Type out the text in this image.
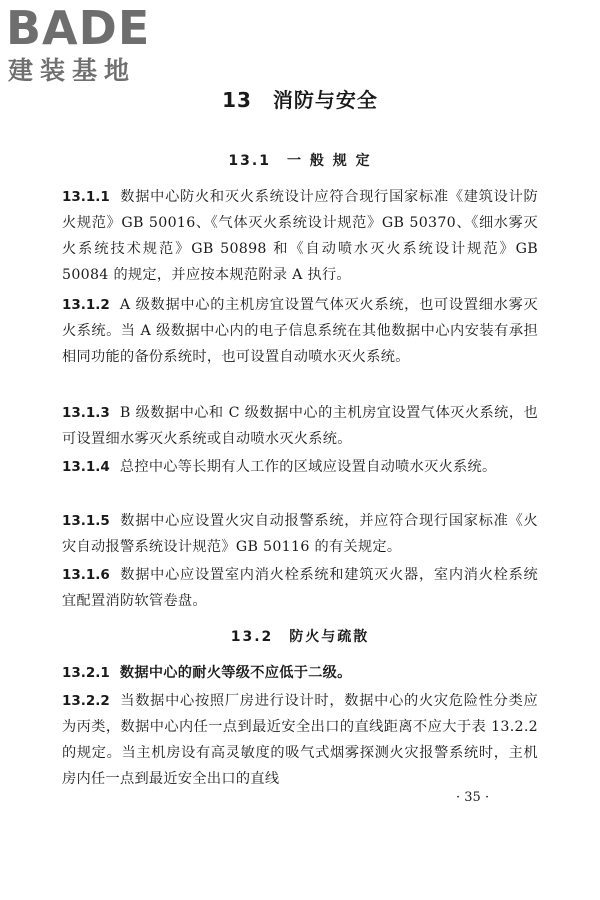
BADE
建装基地
13　消防与安全
13.1　一 般 规 定
13.1.1 数据中心防火和灭火系统设计应符合现行国家标准《建筑设计防火规范》GB 50016、《气体灭火系统设计规范》GB 50370、《细水雾灭火系统技术规范》GB 50898 和《自动喷水灭火系统设计规范》GB 50084 的规定，并应按本规范附录 A 执行。
13.1.2 A 级数据中心的主机房宜设置气体灭火系统，也可设置细水雾灭火系统。当 A 级数据中心内的电子信息系统在其他数据中心内安装有承担相同功能的备份系统时，也可设置自动喷水灭火系统。
13.1.3 B 级数据中心和 C 级数据中心的主机房宜设置气体灭火系统，也可设置细水雾灭火系统或自动喷水灭火系统。
13.1.4 总控中心等长期有人工作的区域应设置自动喷水灭火系统。
13.1.5 数据中心应设置火灾自动报警系统，并应符合现行国家标准《火灾自动报警系统设计规范》GB 50116 的有关规定。
13.1.6 数据中心应设置室内消火栓系统和建筑灭火器，室内消火栓系统宜配置消防软管卷盘。
13.2　防火与疏散
13.2.1 数据中心的耐火等级不应低于二级。
13.2.2 当数据中心按照厂房进行设计时，数据中心的火灾危险性分类应为丙类，数据中心内任一点到最近安全出口的直线距离不应大于表 13.2.2 的规定。当主机房设有高灵敏度的吸气式烟雾探测火灾报警系统时，主机房内任一点到最近安全出口的直线
· 35 ·
